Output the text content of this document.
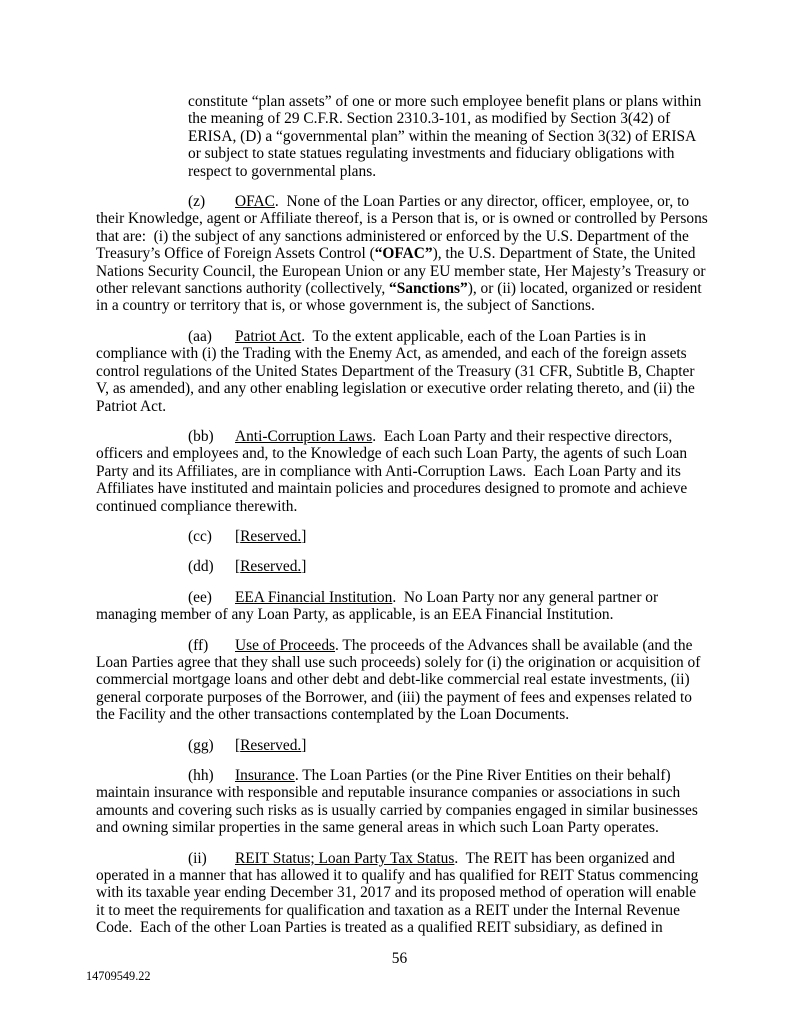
constitute “plan assets” of one or more such employee benefit plans or plans within the meaning of 29 C.F.R. Section 2310.3-101, as modified by Section 3(42) of ERISA, (D) a “governmental plan” within the meaning of Section 3(32) of ERISA or subject to state statues regulating investments and fiduciary obligations with respect to governmental plans.

(z) OFAC.  None of the Loan Parties or any director, officer, employee, or, to their Knowledge, agent or Affiliate thereof, is a Person that is, or is owned or controlled by Persons that are:  (i) the subject of any sanctions administered or enforced by the U.S. Department of the Treasury’s Office of Foreign Assets Control (“OFAC”), the U.S. Department of State, the United Nations Security Council, the European Union or any EU member state, Her Majesty’s Treasury or other relevant sanctions authority (collectively, “Sanctions”), or (ii) located, organized or resident in a country or territory that is, or whose government is, the subject of Sanctions.

(aa) Patriot Act.  To the extent applicable, each of the Loan Parties is in compliance with (i) the Trading with the Enemy Act, as amended, and each of the foreign assets control regulations of the United States Department of the Treasury (31 CFR, Subtitle B, Chapter V, as amended), and any other enabling legislation or executive order relating thereto, and (ii) the Patriot Act.

(bb) Anti-Corruption Laws.  Each Loan Party and their respective directors, officers and employees and, to the Knowledge of each such Loan Party, the agents of such Loan Party and its Affiliates, are in compliance with Anti-Corruption Laws.  Each Loan Party and its Affiliates have instituted and maintain policies and procedures designed to promote and achieve continued compliance therewith.

(cc) [Reserved.]

(dd) [Reserved.]

(ee) EEA Financial Institution.  No Loan Party nor any general partner or managing member of any Loan Party, as applicable, is an EEA Financial Institution.

(ff) Use of Proceeds. The proceeds of the Advances shall be available (and the Loan Parties agree that they shall use such proceeds) solely for (i) the origination or acquisition of commercial mortgage loans and other debt and debt-like commercial real estate investments, (ii) general corporate purposes of the Borrower, and (iii) the payment of fees and expenses related to the Facility and the other transactions contemplated by the Loan Documents.

(gg) [Reserved.]

(hh) Insurance. The Loan Parties (or the Pine River Entities on their behalf) maintain insurance with responsible and reputable insurance companies or associations in such amounts and covering such risks as is usually carried by companies engaged in similar businesses and owning similar properties in the same general areas in which such Loan Party operates.

(ii) REIT Status; Loan Party Tax Status.  The REIT has been organized and operated in a manner that has allowed it to qualify and has qualified for REIT Status commencing with its taxable year ending December 31, 2017 and its proposed method of operation will enable it to meet the requirements for qualification and taxation as a REIT under the Internal Revenue Code.  Each of the other Loan Parties is treated as a qualified REIT subsidiary, as defined in

56
14709549.22
